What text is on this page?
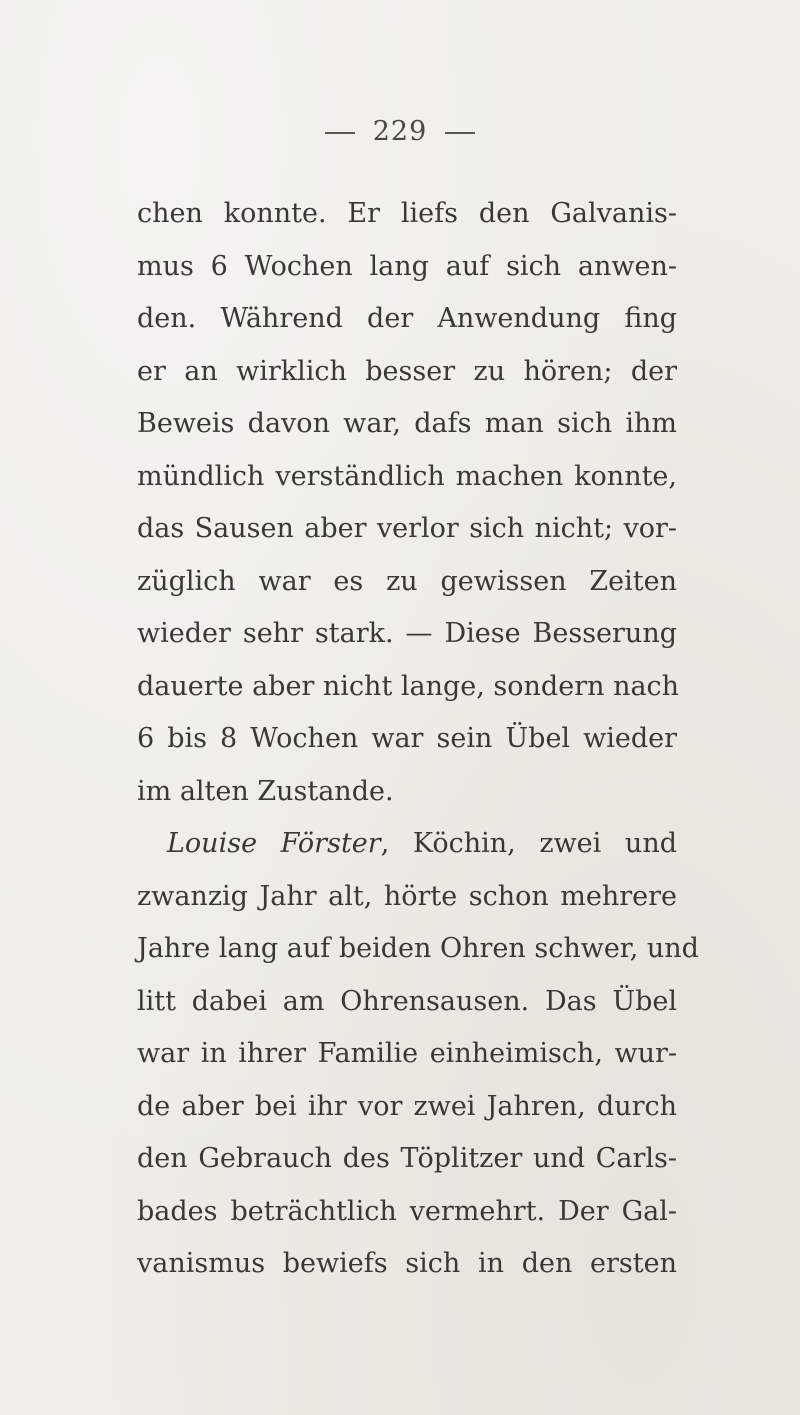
229
chen konnte. Er liefs den Galvanis-
mus 6 Wochen lang auf sich anwen-
den. Während der Anwendung fing
er an wirklich besser zu hören; der
Beweis davon war, dafs man sich ihm
mündlich verständlich machen konnte,
das Sausen aber verlor sich nicht; vor-
züglich war es zu gewissen Zeiten
wieder sehr stark. — Diese Besserung
dauerte aber nicht lange, sondern nach
6 bis 8 Wochen war sein Übel wieder
im alten Zustande.
Louise Förster, Köchin, zwei und
zwanzig Jahr alt, hörte schon mehrere
Jahre lang auf beiden Ohren schwer, und
litt dabei am Ohrensausen. Das Übel
war in ihrer Familie einheimisch, wur-
de aber bei ihr vor zwei Jahren, durch
den Gebrauch des Töplitzer und Carls-
bades beträchtlich vermehrt. Der Gal-
vanismus bewiefs sich in den ersten
